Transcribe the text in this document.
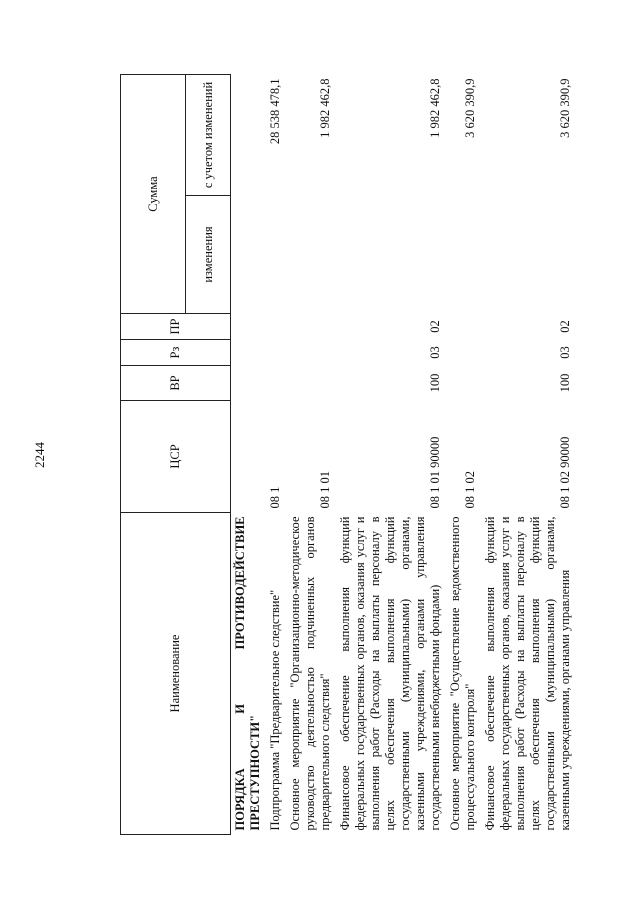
2244
Наименование	ЦСР	ВР	Рз	ПР	Сумма	
					изменения	с учетом изменений
ПОРЯДКА И ПРОТИВОДЕЙСТВИЕ ПРЕСТУПНОСТИ"						
Подпрограмма "Предварительное следствие"	08 1					28 538 478,1
Основное мероприятие "Организационно-методическое руководство деятельностью подчиненных органов предварительного следствия"	08 1 01					1 982 462,8
Финансовое обеспечение выполнения функций федеральных государственных органов, оказания услуг и выполнения работ (Расходы на выплаты персоналу в целях обеспечения выполнения функций государственными (муниципальными) органами, казенными учреждениями, органами управления государственными внебюджетными фондами)	08 1 01 90000	100	03	02		1 982 462,8
Основное мероприятие "Осуществление ведомственного процессуального контроля"	08 1 02					3 620 390,9
Финансовое обеспечение выполнения функций федеральных государственных органов, оказания услуг и выполнения работ (Расходы на выплаты персоналу в целях обеспечения выполнения функций государственными (муниципальными) органами, казенными учреждениями, органами управления	08 1 02 90000	100	03	02		3 620 390,9
